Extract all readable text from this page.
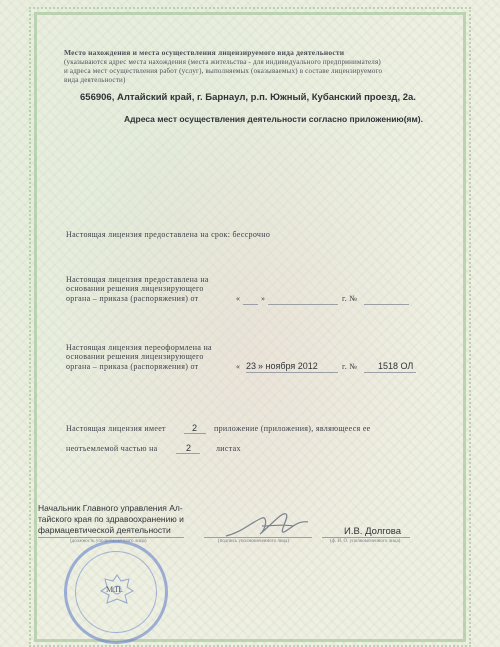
Место нахождения и места осуществления лицензируемого вида деятельности
(указываются адрес места нахождения (места жительства - для индивидуального предпринимателя)
и адреса мест осуществления работ (услуг), выполняемых (оказываемых) в составе лицензируемого
вида деятельности)
656906, Алтайский край, г. Барнаул, р.п. Южный, Кубанский проезд, 2а.
Адреса мест осуществления деятельности согласно приложению(ям).
Настоящая лицензия предоставлена на срок: бессрочно
Настоящая лицензия предоставлена на
основании решения лицензирующего
органа – приказа (распоряжения) от	«	»	г. №
Настоящая лицензия переоформлена на
основании решения лицензирующего
органа – приказа (распоряжения) от	« 23 » ноября 2012	г. № 1518 ОЛ
Настоящая лицензия имеет	2 приложение (приложения), являющееся ее
неотъемлемой частью на	2	листах
Начальник Главного управления Ал-
тайского края по здравоохранению и
фармацевтической деятельности
(должность уполномоченного лица)	(подпись уполномоченного лица)
И.В. Долгова
(ф. И. О. уполномоченного лица)
М.П.
